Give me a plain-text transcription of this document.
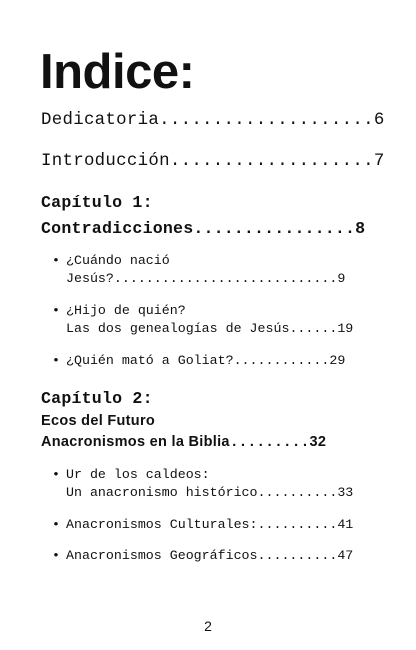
Indice:
Dedicatoria....................6
Introducción...................7
Capítulo 1:
Contradicciones................8
• ¿Cuándo nació
Jesús?............................9
• ¿Hijo de quién?
Las dos genealogías de Jesús......19
• ¿Quién mató a Goliat?............29
Capítulo 2:
Ecos del Futuro
Anacronismos en la Biblia.........32
• Ur de los caldeos:
Un anacronismo histórico..........33
• Anacronismos Culturales:..........41
• Anacronismos Geográficos..........47
2
